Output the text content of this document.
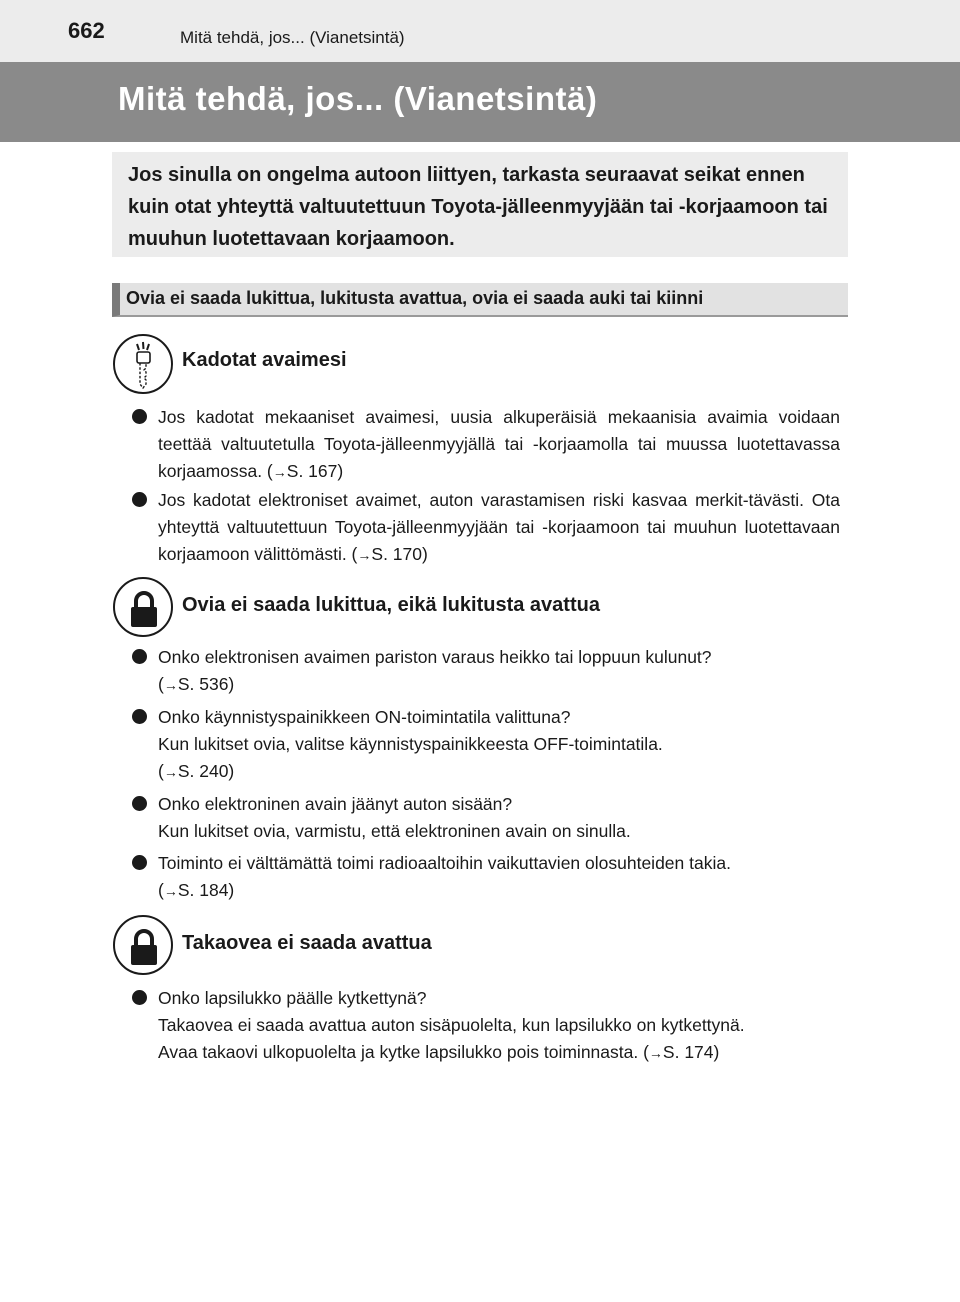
662	Mitä tehdä, jos... (Vianetsintä)
Mitä tehdä, jos... (Vianetsintä)

Jos sinulla on ongelma autoon liittyen, tarkasta seuraavat seikat ennen kuin otat yhteyttä valtuutettuun Toyota-jälleenmyyjään tai -korjaamoon tai muuhun luotettavaan korjaamoon.

Ovia ei saada lukittua, lukitusta avattua, ovia ei saada auki tai kiinni
Kadotat avaimesi
Jos kadotat mekaaniset avaimesi, uusia alkuperäisiä mekaanisia avaimia voidaan teettää valtuutetulla Toyota-jälleenmyyjällä tai -korjaamolla tai muussa luotettavassa korjaamossa. (→S. 167)
Jos kadotat elektroniset avaimet, auton varastamisen riski kasvaa merkit-tävästi. Ota yhteyttä valtuutettuun Toyota-jälleenmyyjään tai -korjaamoon tai muuhun luotettavaan korjaamoon välittömästi. (→S. 170)
Ovia ei saada lukittua, eikä lukitusta avattua
Onko elektronisen avaimen pariston varaus heikko tai loppuun kulunut?
(→S. 536)
Onko käynnistyspainikkeen ON-toimintatila valittuna?
Kun lukitset ovia, valitse käynnistyspainikkeesta OFF-toimintatila.
(→S. 240)
Onko elektroninen avain jäänyt auton sisään?
Kun lukitset ovia, varmistu, että elektroninen avain on sinulla.
Toiminto ei välttämättä toimi radioaaltoihin vaikuttavien olosuhteiden takia.
(→S. 184)
Takaovea ei saada avattua
Onko lapsilukko päälle kytkettynä?
Takaovea ei saada avattua auton sisäpuolelta, kun lapsilukko on kytkettynä.
Avaa takaovi ulkopuolelta ja kytke lapsilukko pois toiminnasta. (→S. 174)
